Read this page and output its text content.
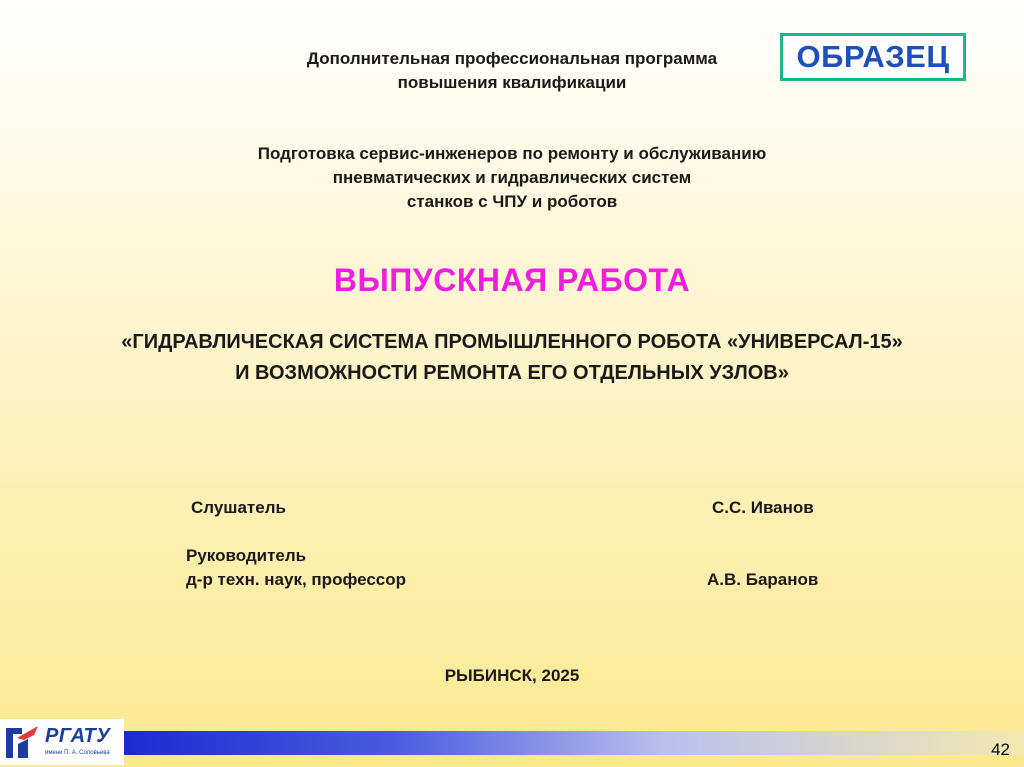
ОБРАЗЕЦ
Дополнительная профессиональная программа
повышения квалификации
Подготовка сервис-инженеров по ремонту и обслуживанию
пневматических и гидравлических систем
станков с ЧПУ и роботов
ВЫПУСКНАЯ РАБОТА
«ГИДРАВЛИЧЕСКАЯ СИСТЕМА ПРОМЫШЛЕННОГО РОБОТА «УНИВЕРСАЛ-15»
И ВОЗМОЖНОСТИ РЕМОНТА ЕГО ОТДЕЛЬНЫХ УЗЛОВ»
Слушатель	С.С. Иванов
Руководитель
д-р техн. наук, профессор	А.В. Баранов
РЫБИНСК, 2025
РГАТУ
имени П. А. Соловьева	42
